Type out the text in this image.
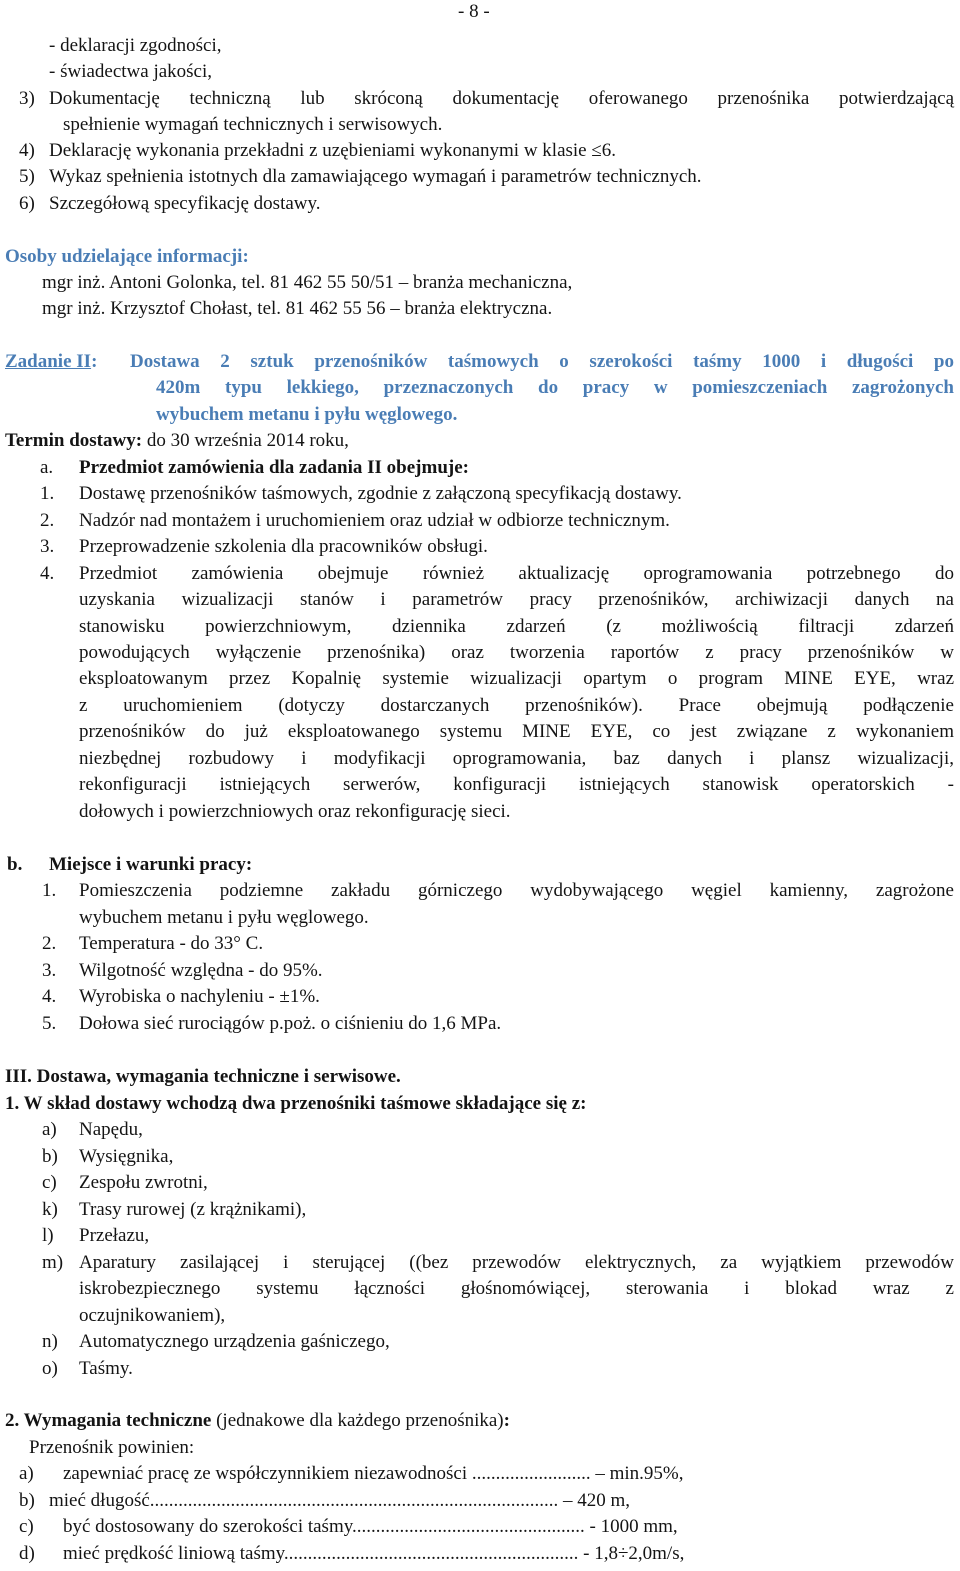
- 8 -
- deklaracji zgodności,
- świadectwa jakości,
3) Dokumentację techniczną lub skróconą dokumentację oferowanego przenośnika potwierdzającą
spełnienie wymagań technicznych i serwisowych.
4) Deklarację wykonania przekładni z uzębieniami wykonanymi w klasie ≤6.
5) Wykaz spełnienia istotnych dla zamawiającego wymagań i parametrów technicznych.
6) Szczegółową specyfikację dostawy.
Osoby udzielające informacji:
mgr inż. Antoni Golonka, tel. 81 462 55 50/51 – branża mechaniczna,
mgr inż. Krzysztof Chołast, tel. 81 462 55 56 – branża elektryczna.
Zadanie II: Dostawa 2 sztuk przenośników taśmowych o szerokości taśmy 1000 i długości po
420m typu lekkiego, przeznaczonych do pracy w pomieszczeniach zagrożonych
wybuchem metanu i pyłu węglowego.
Termin dostawy: do 30 września 2014 roku,
a. Przedmiot zamówienia dla zadania II obejmuje:
1. Dostawę przenośników taśmowych, zgodnie z załączoną specyfikacją dostawy.
2. Nadzór nad montażem i uruchomieniem oraz udział w odbiorze technicznym.
3. Przeprowadzenie szkolenia dla pracowników obsługi.
4. Przedmiot zamówienia obejmuje również aktualizację oprogramowania potrzebnego do
uzyskania wizualizacji stanów i parametrów pracy przenośników, archiwizacji danych na
stanowisku powierzchniowym, dziennika zdarzeń (z możliwością filtracji zdarzeń
powodujących wyłączenie przenośnika) oraz tworzenia raportów z pracy przenośników w
eksploatowanym przez Kopalnię systemie wizualizacji opartym o program MINE EYE, wraz
z uruchomieniem (dotyczy dostarczanych przenośników). Prace obejmują podłączenie
przenośników do już eksploatowanego systemu MINE EYE, co jest związane z wykonaniem
niezbędnej rozbudowy i modyfikacji oprogramowania, baz danych i plansz wizualizacji,
rekonfiguracji istniejących serwerów, konfiguracji istniejących stanowisk operatorskich -
dołowych i powierzchniowych oraz rekonfigurację sieci.
b. Miejsce i warunki pracy:
1. Pomieszczenia podziemne zakładu górniczego wydobywającego węgiel kamienny, zagrożone
wybuchem metanu i pyłu węglowego.
2. Temperatura - do 33° C.
3. Wilgotność względna - do 95%.
4. Wyrobiska o nachyleniu - ±1%.
5. Dołowa sieć rurociągów p.poż. o ciśnieniu do 1,6 MPa.
III. Dostawa, wymagania techniczne i serwisowe.
1. W skład dostawy wchodzą dwa przenośniki taśmowe składające się z:
a) Napędu,
b) Wysięgnika,
c) Zespołu zwrotni,
k) Trasy rurowej (z krążnikami),
l) Przełazu,
m) Aparatury zasilającej i sterującej ((bez przewodów elektrycznych, za wyjątkiem przewodów
iskrobezpiecznego systemu łączności głośnomówiącej, sterowania i blokad wraz z
oczujnikowaniem),
n) Automatycznego urządzenia gaśniczego,
o) Taśmy.
2. Wymagania techniczne (jednakowe dla każdego przenośnika):
Przenośnik powinien:
a) zapewniać pracę ze współczynnikiem niezawodności ......................... – min.95%,
b) mieć długość...................................................................................... – 420 m,
c) być dostosowany do szerokości taśmy................................................. - 1000 mm,
d) mieć prędkość liniową taśmy.............................................................. - 1,8÷2,0m/s,
